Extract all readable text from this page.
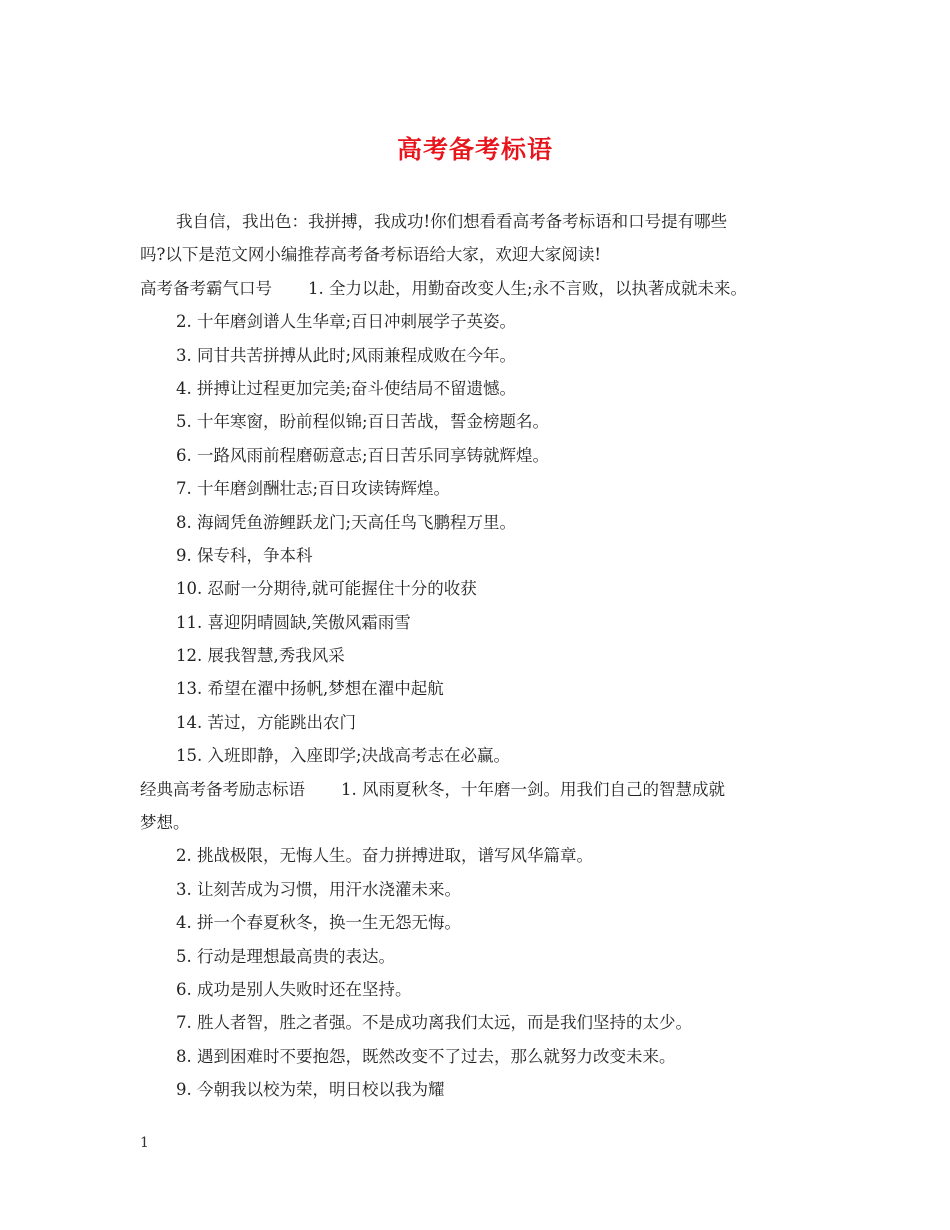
高考备考标语
我自信，我出色：我拼搏，我成功!你们想看看高考备考标语和口号提有哪些
吗?以下是范文网小编推荐高考备考标语给大家，欢迎大家阅读!
高考备考霸气口号 1. 全力以赴，用勤奋改变人生;永不言败，以执著成就未来。
2. 十年磨剑谱人生华章;百日冲刺展学子英姿。
3. 同甘共苦拼搏从此时;风雨兼程成败在今年。
4. 拼搏让过程更加完美;奋斗使结局不留遗憾。
5. 十年寒窗，盼前程似锦;百日苦战，誓金榜题名。
6. 一路风雨前程磨砺意志;百日苦乐同享铸就辉煌。
7. 十年磨剑酬壮志;百日攻读铸辉煌。
8. 海阔凭鱼游鲤跃龙门;天高任鸟飞鹏程万里。
9. 保专科，争本科
10. 忍耐一分期待,就可能握住十分的收获
11. 喜迎阴晴圆缺,笑傲风霜雨雪
12. 展我智慧,秀我风采
13. 希望在濯中扬帆,梦想在濯中起航
14. 苦过，方能跳出农门
15. 入班即静，入座即学;决战高考志在必赢。
经典高考备考励志标语 1. 风雨夏秋冬，十年磨一剑。用我们自己的智慧成就
梦想。
2. 挑战极限，无悔人生。奋力拼搏进取，谱写风华篇章。
3. 让刻苦成为习惯，用汗水浇灌未来。
4. 拼一个春夏秋冬，换一生无怨无悔。
5. 行动是理想最高贵的表达。
6. 成功是别人失败时还在坚持。
7. 胜人者智，胜之者强。不是成功离我们太远，而是我们坚持的太少。
8. 遇到困难时不要抱怨，既然改变不了过去，那么就努力改变未来。
9. 今朝我以校为荣，明日校以我为耀
1
